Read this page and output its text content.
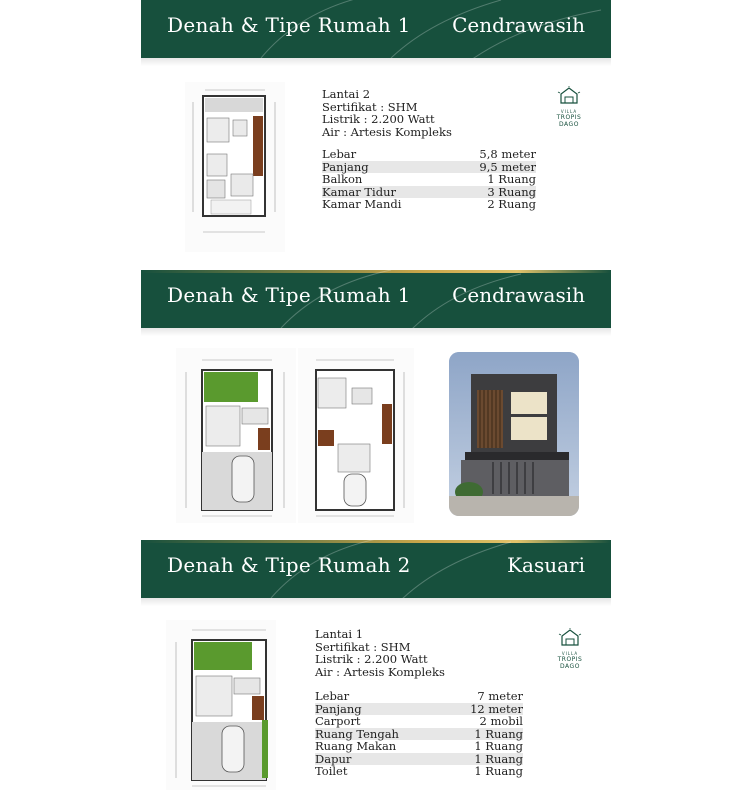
Denah & Tipe Rumah 1 Cendrawasih
Lantai 2
Sertifikat : SHM
Listrik : 2.200 Watt
Air : Artesis Kompleks
Lebar	5,8 meter
Panjang	9,5 meter
Balkon	1 Ruang
Kamar Tidur	3 Ruang
Kamar Mandi	2 Ruang
VILLA
TROPIS DAGO
Denah & Tipe Rumah 1 Cendrawasih
Denah & Tipe Rumah 2	Kasuari
Lantai 1
Sertifikat : SHM
Listrik : 2.200 Watt
Air : Artesis Kompleks
Lebar	7 meter
Panjang	12 meter
Carport	2 mobil
Ruang Tengah	1 Ruang
Ruang Makan	1 Ruang
Dapur	1 Ruang
Toilet	1 Ruang
VILLA
TROPIS DAGO
